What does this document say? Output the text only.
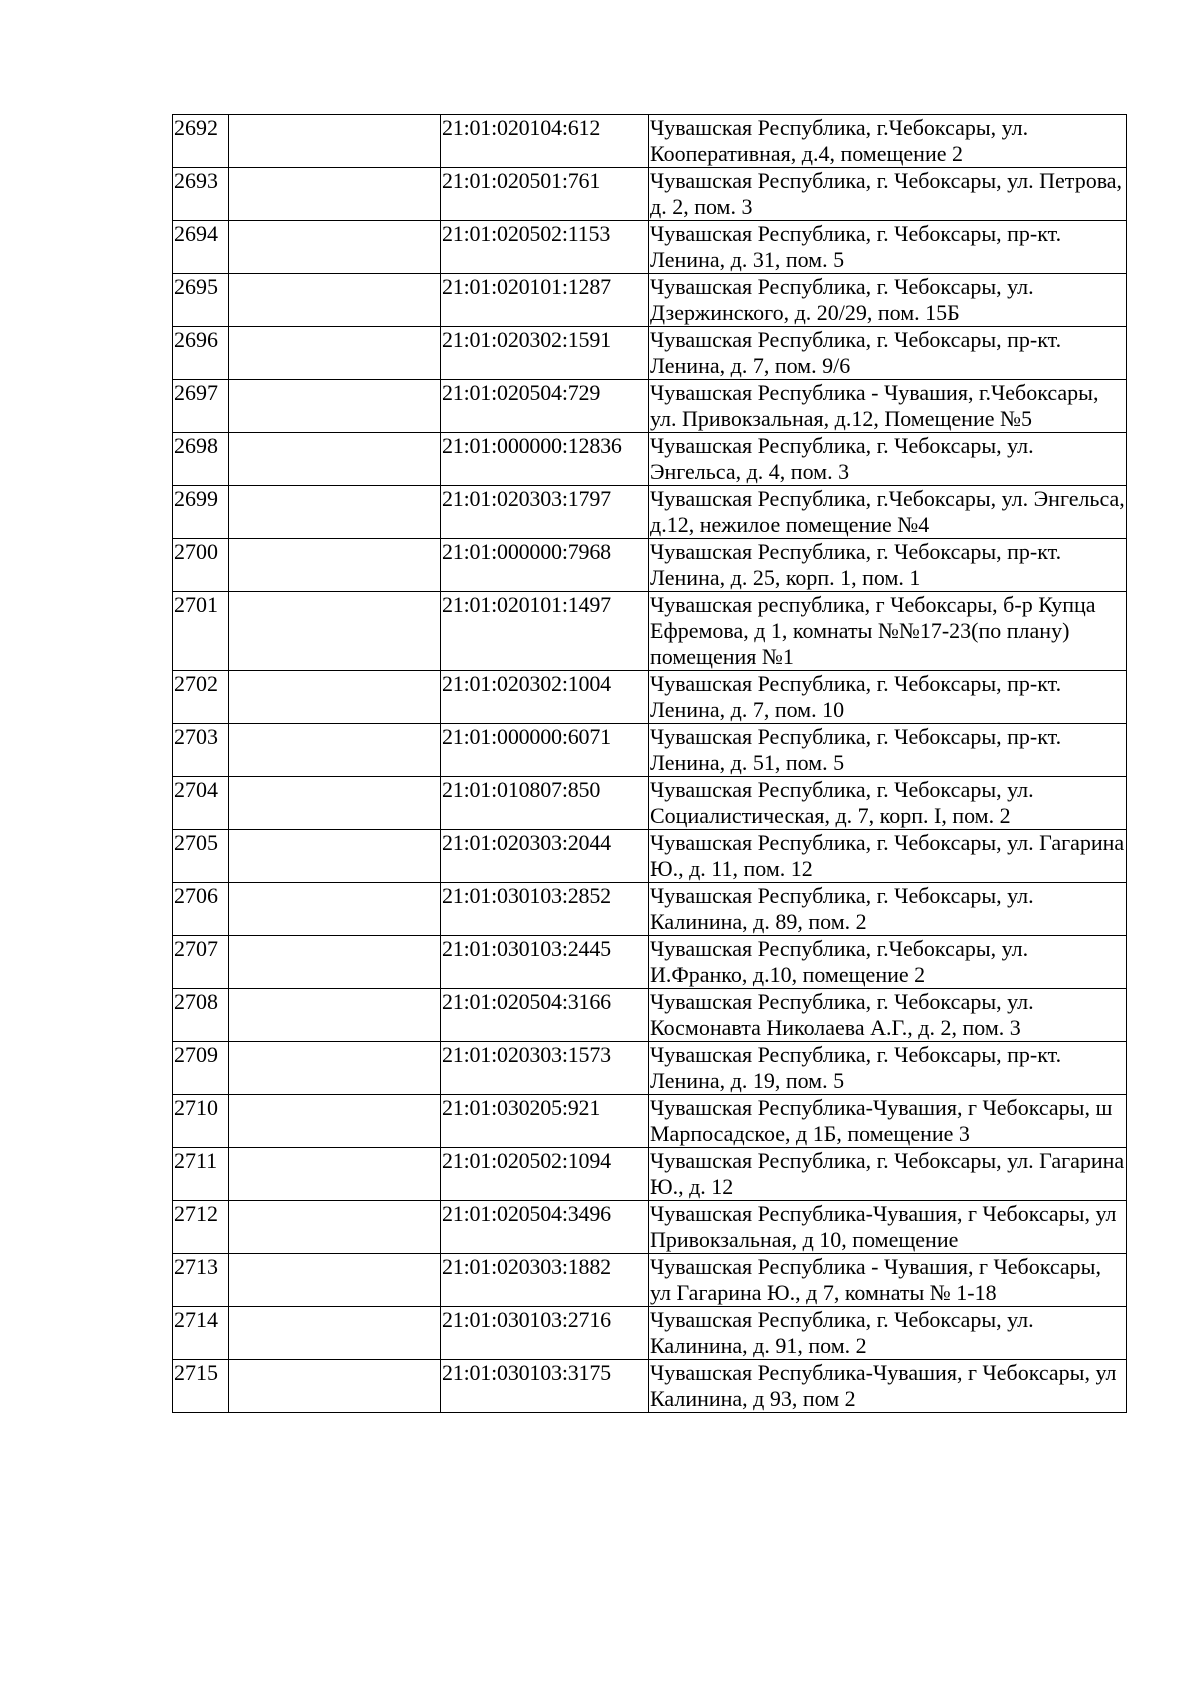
2692		21:01:020104:612	Чувашская Республика, г.Чебоксары, ул. Кооперативная, д.4, помещение 2
2693		21:01:020501:761	Чувашская Республика, г. Чебоксары, ул. Петрова, д. 2, пом. 3
2694		21:01:020502:1153	Чувашская Республика, г. Чебоксары, пр-кт. Ленина, д. 31, пом. 5
2695		21:01:020101:1287	Чувашская Республика, г. Чебоксары, ул. Дзержинского, д. 20/29, пом. 15Б
2696		21:01:020302:1591	Чувашская Республика, г. Чебоксары, пр-кт. Ленина, д. 7, пом. 9/6
2697		21:01:020504:729	Чувашская Республика - Чувашия, г.Чебоксары, ул. Привокзальная, д.12, Помещение №5
2698		21:01:000000:12836	Чувашская Республика, г. Чебоксары, ул. Энгельса, д. 4, пом. 3
2699		21:01:020303:1797	Чувашская Республика, г.Чебоксары, ул. Энгельса, д.12, нежилое помещение №4
2700		21:01:000000:7968	Чувашская Республика, г. Чебоксары, пр-кт. Ленина, д. 25, корп. 1, пом. 1
2701		21:01:020101:1497	Чувашская республика, г Чебоксары, б-р Купца Ефремова, д 1, комнаты №№17-23(по плану) помещения №1
2702		21:01:020302:1004	Чувашская Республика, г. Чебоксары, пр-кт. Ленина, д. 7, пом. 10
2703		21:01:000000:6071	Чувашская Республика, г. Чебоксары, пр-кт. Ленина, д. 51, пом. 5
2704		21:01:010807:850	Чувашская Республика, г. Чебоксары, ул. Социалистическая, д. 7, корп. I, пом. 2
2705		21:01:020303:2044	Чувашская Республика, г. Чебоксары, ул. Гагарина Ю., д. 11, пом. 12
2706		21:01:030103:2852	Чувашская Республика, г. Чебоксары, ул. Калинина, д. 89, пом. 2
2707		21:01:030103:2445	Чувашская Республика, г.Чебоксары, ул. И.Франко, д.10, помещение 2
2708		21:01:020504:3166	Чувашская Республика, г. Чебоксары, ул. Космонавта Николаева А.Г., д. 2, пом. 3
2709		21:01:020303:1573	Чувашская Республика, г. Чебоксары, пр-кт. Ленина, д. 19, пом. 5
2710		21:01:030205:921	Чувашская Республика-Чувашия, г Чебоксары, ш Марпосадское, д 1Б, помещение 3
2711		21:01:020502:1094	Чувашская Республика, г. Чебоксары, ул. Гагарина Ю., д. 12
2712		21:01:020504:3496	Чувашская Республика-Чувашия, г Чебоксары, ул Привокзальная, д 10, помещение
2713		21:01:020303:1882	Чувашская Республика - Чувашия, г Чебоксары, ул Гагарина Ю., д 7, комнаты № 1-18
2714		21:01:030103:2716	Чувашская Республика, г. Чебоксары, ул. Калинина, д. 91, пом. 2
2715		21:01:030103:3175	Чувашская Республика-Чувашия, г Чебоксары, ул Калинина, д 93, пом 2
